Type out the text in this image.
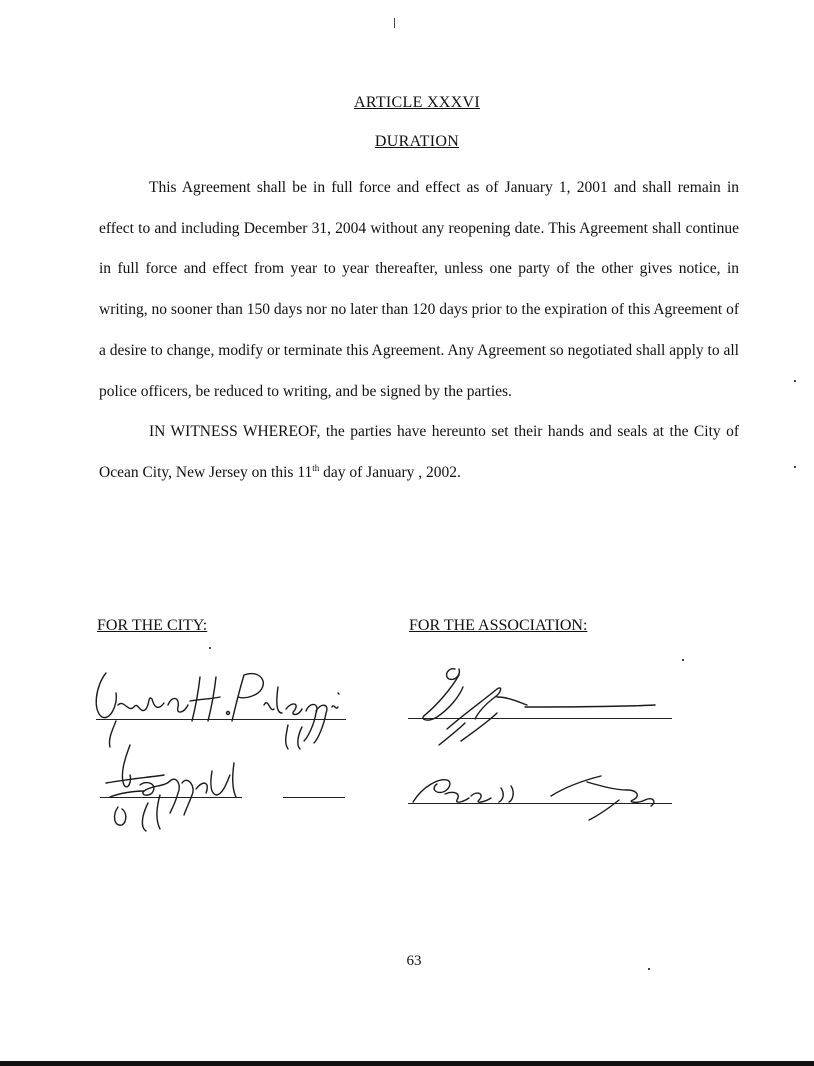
ARTICLE XXXVI
DURATION

This Agreement shall be in full force and effect as of January 1, 2001 and shall remain in effect to and including December 31, 2004 without any reopening date. This Agreement shall continue in full force and effect from year to year thereafter, unless one party of the other gives notice, in writing, no sooner than 150 days nor no later than 120 days prior to the expiration of this Agreement of a desire to change, modify or terminate this Agreement. Any Agreement so negotiated shall apply to all police officers, be reduced to writing, and be signed by the parties.

IN WITNESS WHEREOF, the parties have hereunto set their hands and seals at the City of Ocean City, New Jersey on this 11th day of January , 2002.

FOR THE CITY:	FOR THE ASSOCIATION:
63
